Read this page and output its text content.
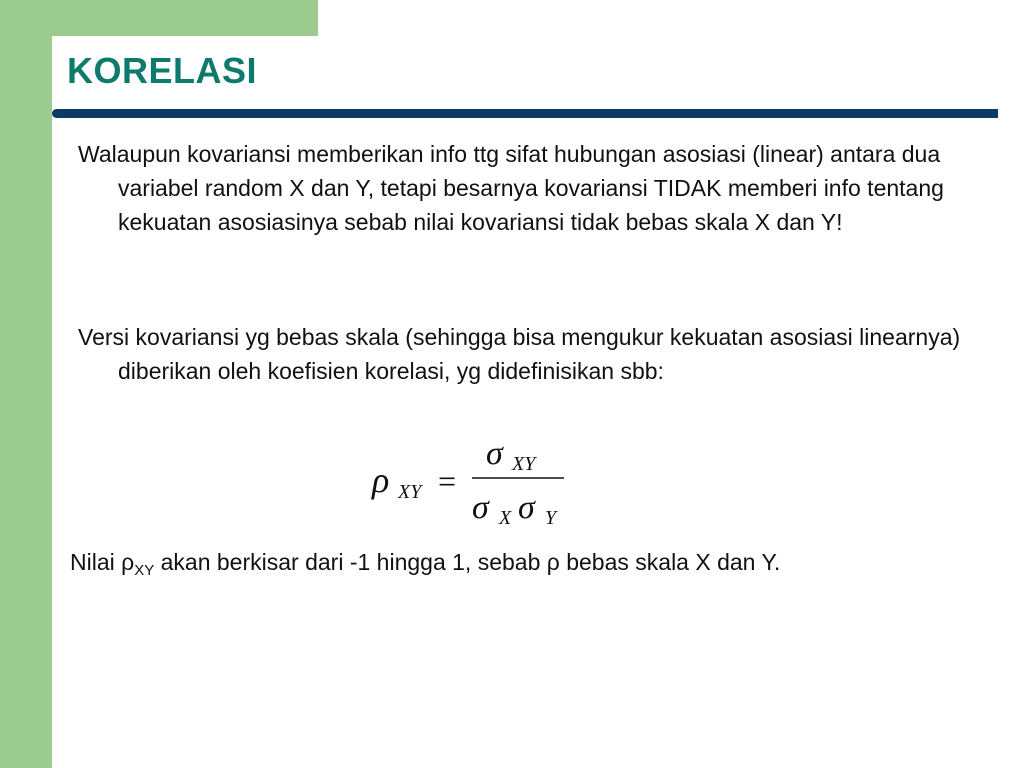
KORELASI

Walaupun kovariansi memberikan info ttg sifat hubungan asosiasi (linear) antara dua variabel random X dan Y, tetapi besarnya kovariansi TIDAK memberi info tentang kekuatan asosiasinya sebab nilai kovariansi tidak bebas skala X dan Y!

Versi kovariansi yg bebas skala (sehingga bisa mengukur kekuatan asosiasi linearnya) diberikan oleh koefisien korelasi, yg didefinisikan sbb:

ρ XY =
σ XY
σ X σ Y

Nilai $\rho_{XY}$ akan berkisar dari -1 hingga 1, sebab ρ bebas skala X dan Y.
